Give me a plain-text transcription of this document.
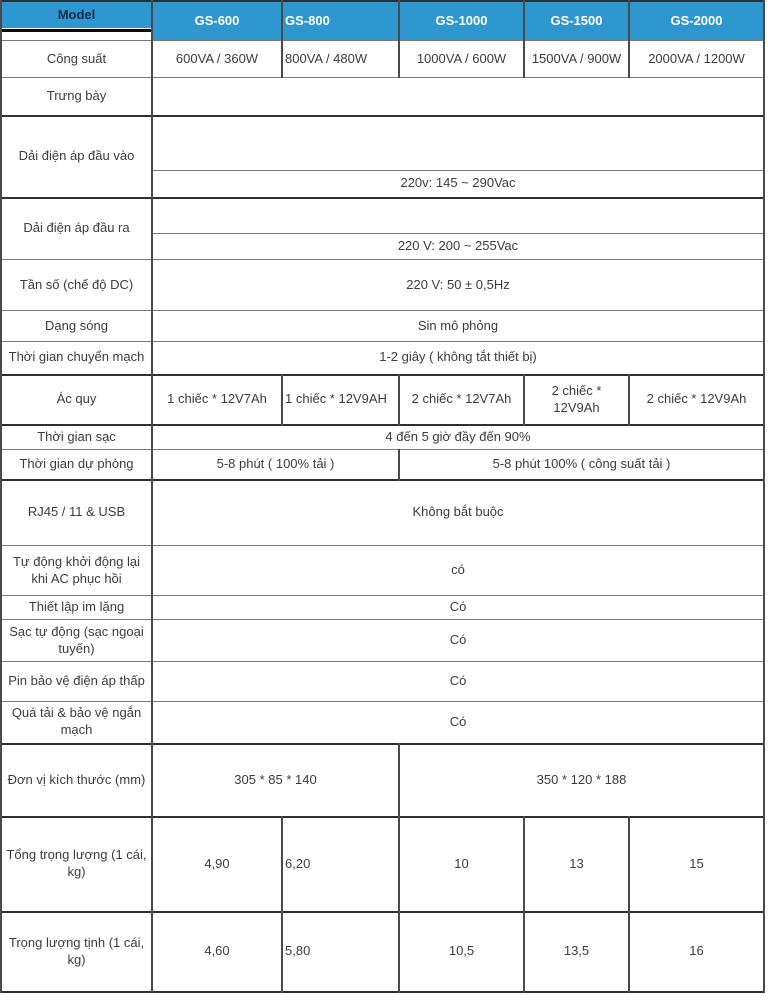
Model	GS-600	GS-800	GS-1000	GS-1500	GS-2000
Công suất	600VA / 360W	800VA / 480W	1000VA / 600W	1500VA / 900W	2000VA / 1200W
Trưng bày					
Dải điện áp đầu vào					
	220v: 145 ~ 290Vac				
Dải điện áp đầu ra					
	220 V: 200 ~ 255Vac				
Tần số (chế độ DC)	220 V: 50 ± 0,5Hz				
Dạng sóng	Sin mô phỏng				
Thời gian chuyển mạch	1-2 giây ( không tắt thiết bị)				
Ác quy	1 chiếc * 12V7Ah	1 chiếc * 12V9AH	2 chiếc * 12V7Ah	2 chiếc * 12V9Ah	2 chiếc * 12V9Ah
Thời gian sạc	4 đến 5 giờ đầy đến 90%				
Thời gian dự phòng	5-8 phút ( 100% tải )		5-8 phút 100% ( công suất tải )		
RJ45 / 11 & USB	Không bắt buộc				
Tự động khởi động lại khi AC phục hồi	có				
Thiết lập im lặng	Có				
Sạc tự động (sạc ngoại tuyến)	Có				
Pin bảo vệ điện áp thấp	Có				
Quá tải & bảo vệ ngắn mạch	Có				
Đơn vị kích thước (mm)	305 * 85 * 140		350 * 120 * 188		
Tổng trọng lượng (1 cái, kg)	4,90	6,20	10	13	15
Trọng lượng tịnh (1 cái, kg)	4,60	5,80	10,5	13,5	16
